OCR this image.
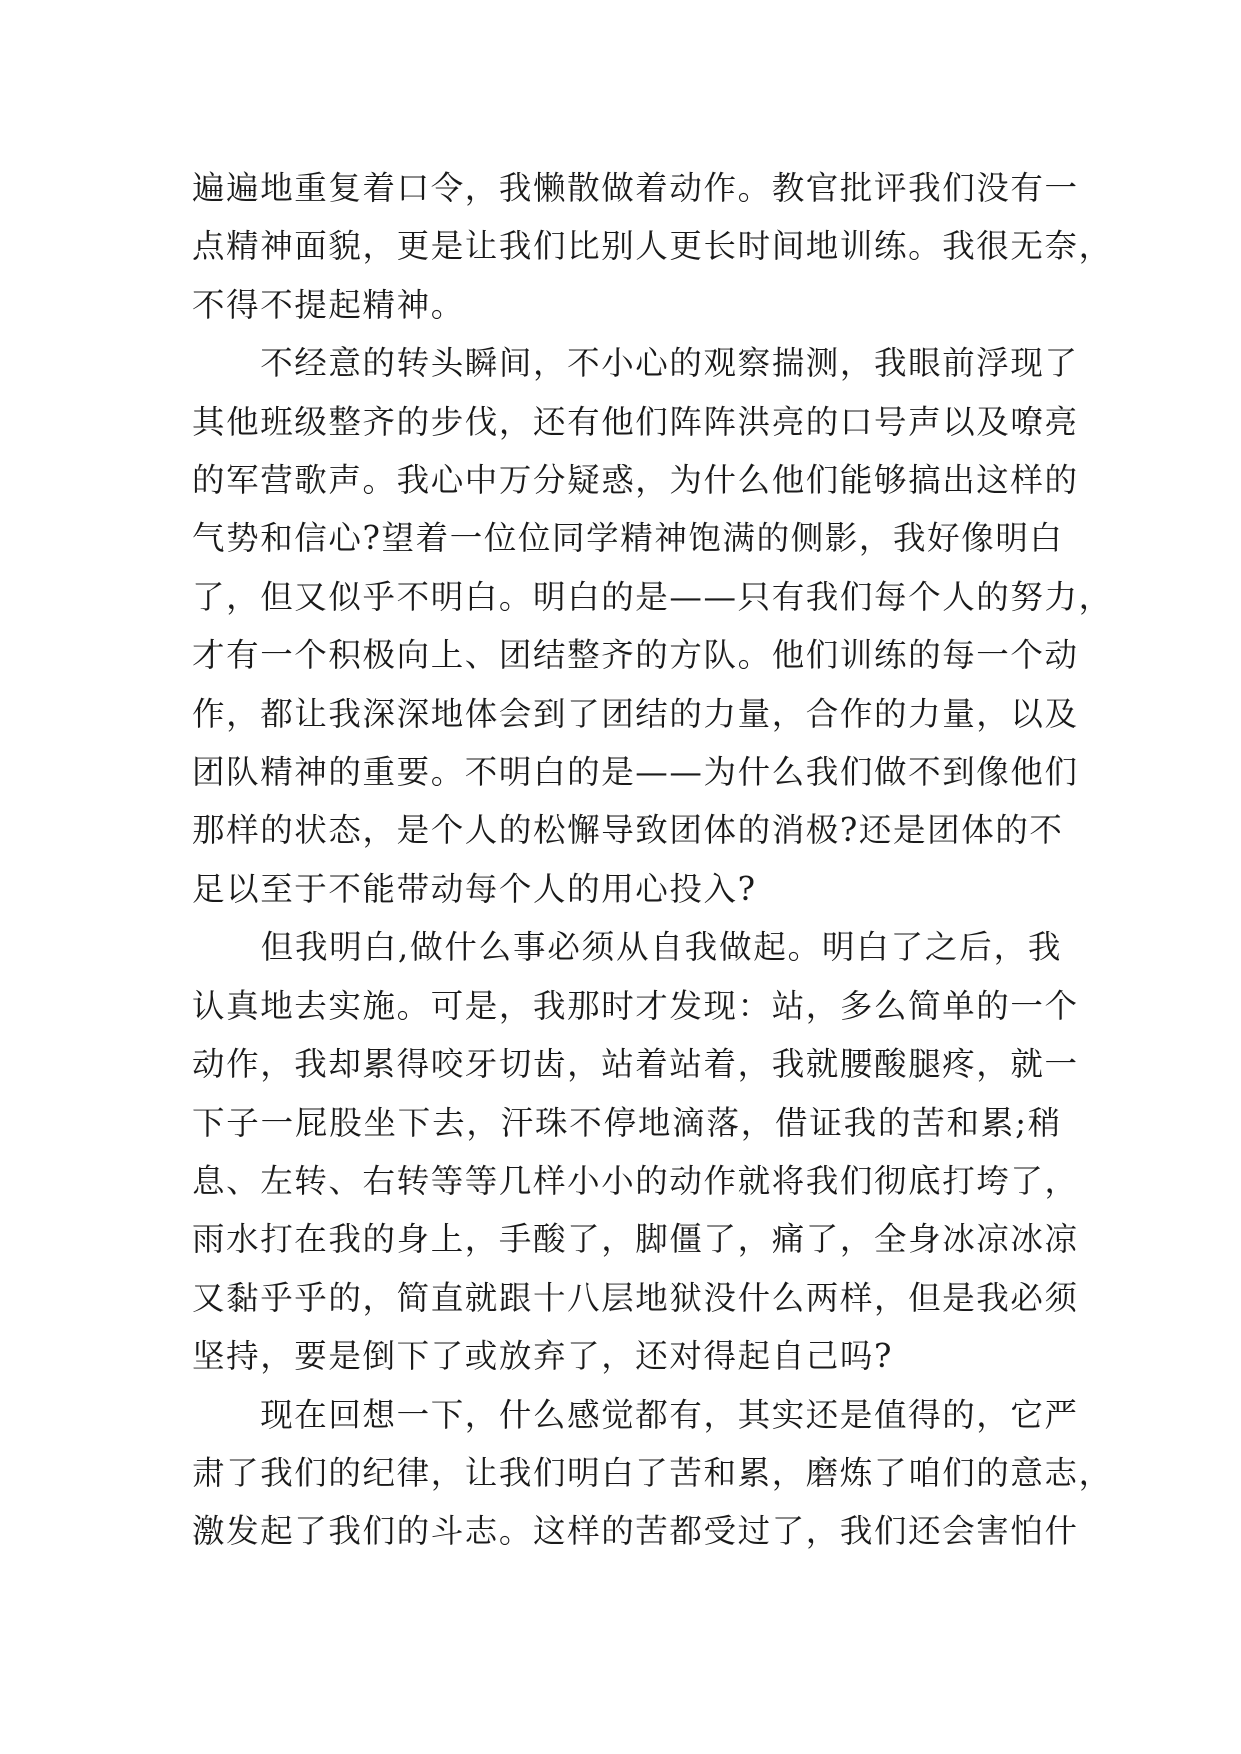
遍遍地重复着口令，我懒散做着动作。教官批评我们没有一
点精神面貌，更是让我们比别人更长时间地训练。我很无奈，
不得不提起精神。

　　不经意的转头瞬间，不小心的观察揣测，我眼前浮现了
其他班级整齐的步伐，还有他们阵阵洪亮的口号声以及嘹亮
的军营歌声。我心中万分疑惑，为什么他们能够搞出这样的
气势和信心?望着一位位同学精神饱满的侧影，我好像明白
了，但又似乎不明白。明白的是——只有我们每个人的努力，
才有一个积极向上、团结整齐的方队。他们训练的每一个动
作，都让我深深地体会到了团结的力量，合作的力量，以及
团队精神的重要。不明白的是——为什么我们做不到像他们
那样的状态，是个人的松懈导致团体的消极?还是团体的不
足以至于不能带动每个人的用心投入?

　　但我明白,做什么事必须从自我做起。明白了之后，我
认真地去实施。可是，我那时才发现：站，多么简单的一个
动作，我却累得咬牙切齿，站着站着，我就腰酸腿疼，就一
下子一屁股坐下去，汗珠不停地滴落，借证我的苦和累;稍
息、左转、右转等等几样小小的动作就将我们彻底打垮了，
雨水打在我的身上，手酸了，脚僵了，痛了，全身冰凉冰凉
又黏乎乎的，简直就跟十八层地狱没什么两样，但是我必须
坚持，要是倒下了或放弃了，还对得起自己吗?

　　现在回想一下，什么感觉都有，其实还是值得的，它严
肃了我们的纪律，让我们明白了苦和累，磨炼了咱们的意志，
激发起了我们的斗志。这样的苦都受过了，我们还会害怕什
